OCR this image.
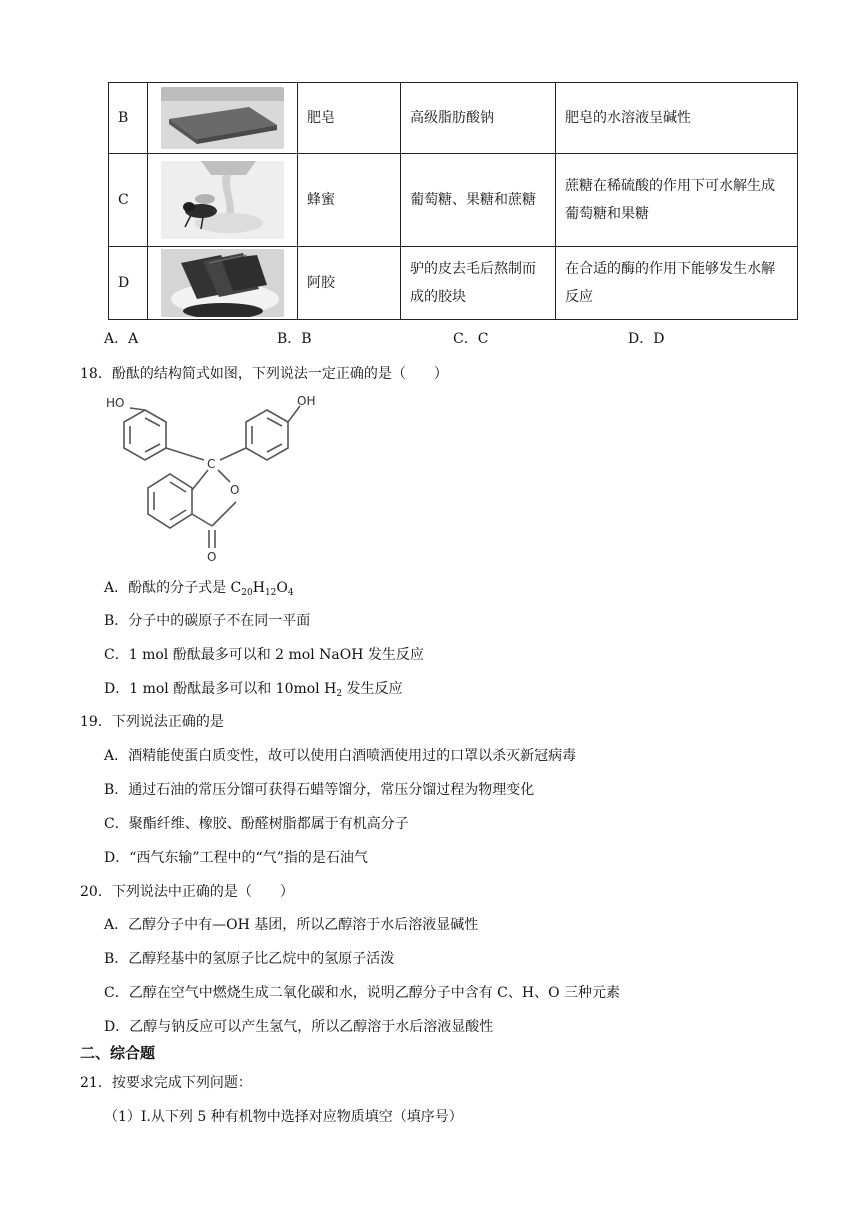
B		肥皂	高级脂肪酸钠	肥皂的水溶液呈碱性
C		蜂蜜	葡萄糖、果糖和蔗糖	蔗糖在稀硫酸的作用下可水解生成葡萄糖和果糖
D		阿胶	驴的皮去毛后熬制而成的胶块	在合适的酶的作用下能够发生水解反应
A．A	B．B	C．C	D．D
18．酚酞的结构简式如图，下列说法一定正确的是（　　）
HO	OH
C
O
O
A．酚酞的分子式是 $C_{20}H_{12}O_4$
B．分子中的碳原子不在同一平面
C．1 mol 酚酞最多可以和 2 mol NaOH 发生反应
D．1 mol 酚酞最多可以和 10mol $H_2$ 发生反应
19．下列说法正确的是
A．酒精能使蛋白质变性，故可以使用白酒喷洒使用过的口罩以杀灭新冠病毒
B．通过石油的常压分馏可获得石蜡等馏分，常压分馏过程为物理变化
C．聚酯纤维、橡胶、酚醛树脂都属于有机高分子
D．“西气东输”工程中的“气”指的是石油气
20．下列说法中正确的是（　　）
A．乙醇分子中有—OH 基团，所以乙醇溶于水后溶液显碱性
B．乙醇羟基中的氢原子比乙烷中的氢原子活泼
C．乙醇在空气中燃烧生成二氧化碳和水，说明乙醇分子中含有 C、H、O 三种元素
D．乙醇与钠反应可以产生氢气，所以乙醇溶于水后溶液显酸性
二、综合题
21．按要求完成下列问题：
（1）Ⅰ.从下列 5 种有机物中选择对应物质填空（填序号）
